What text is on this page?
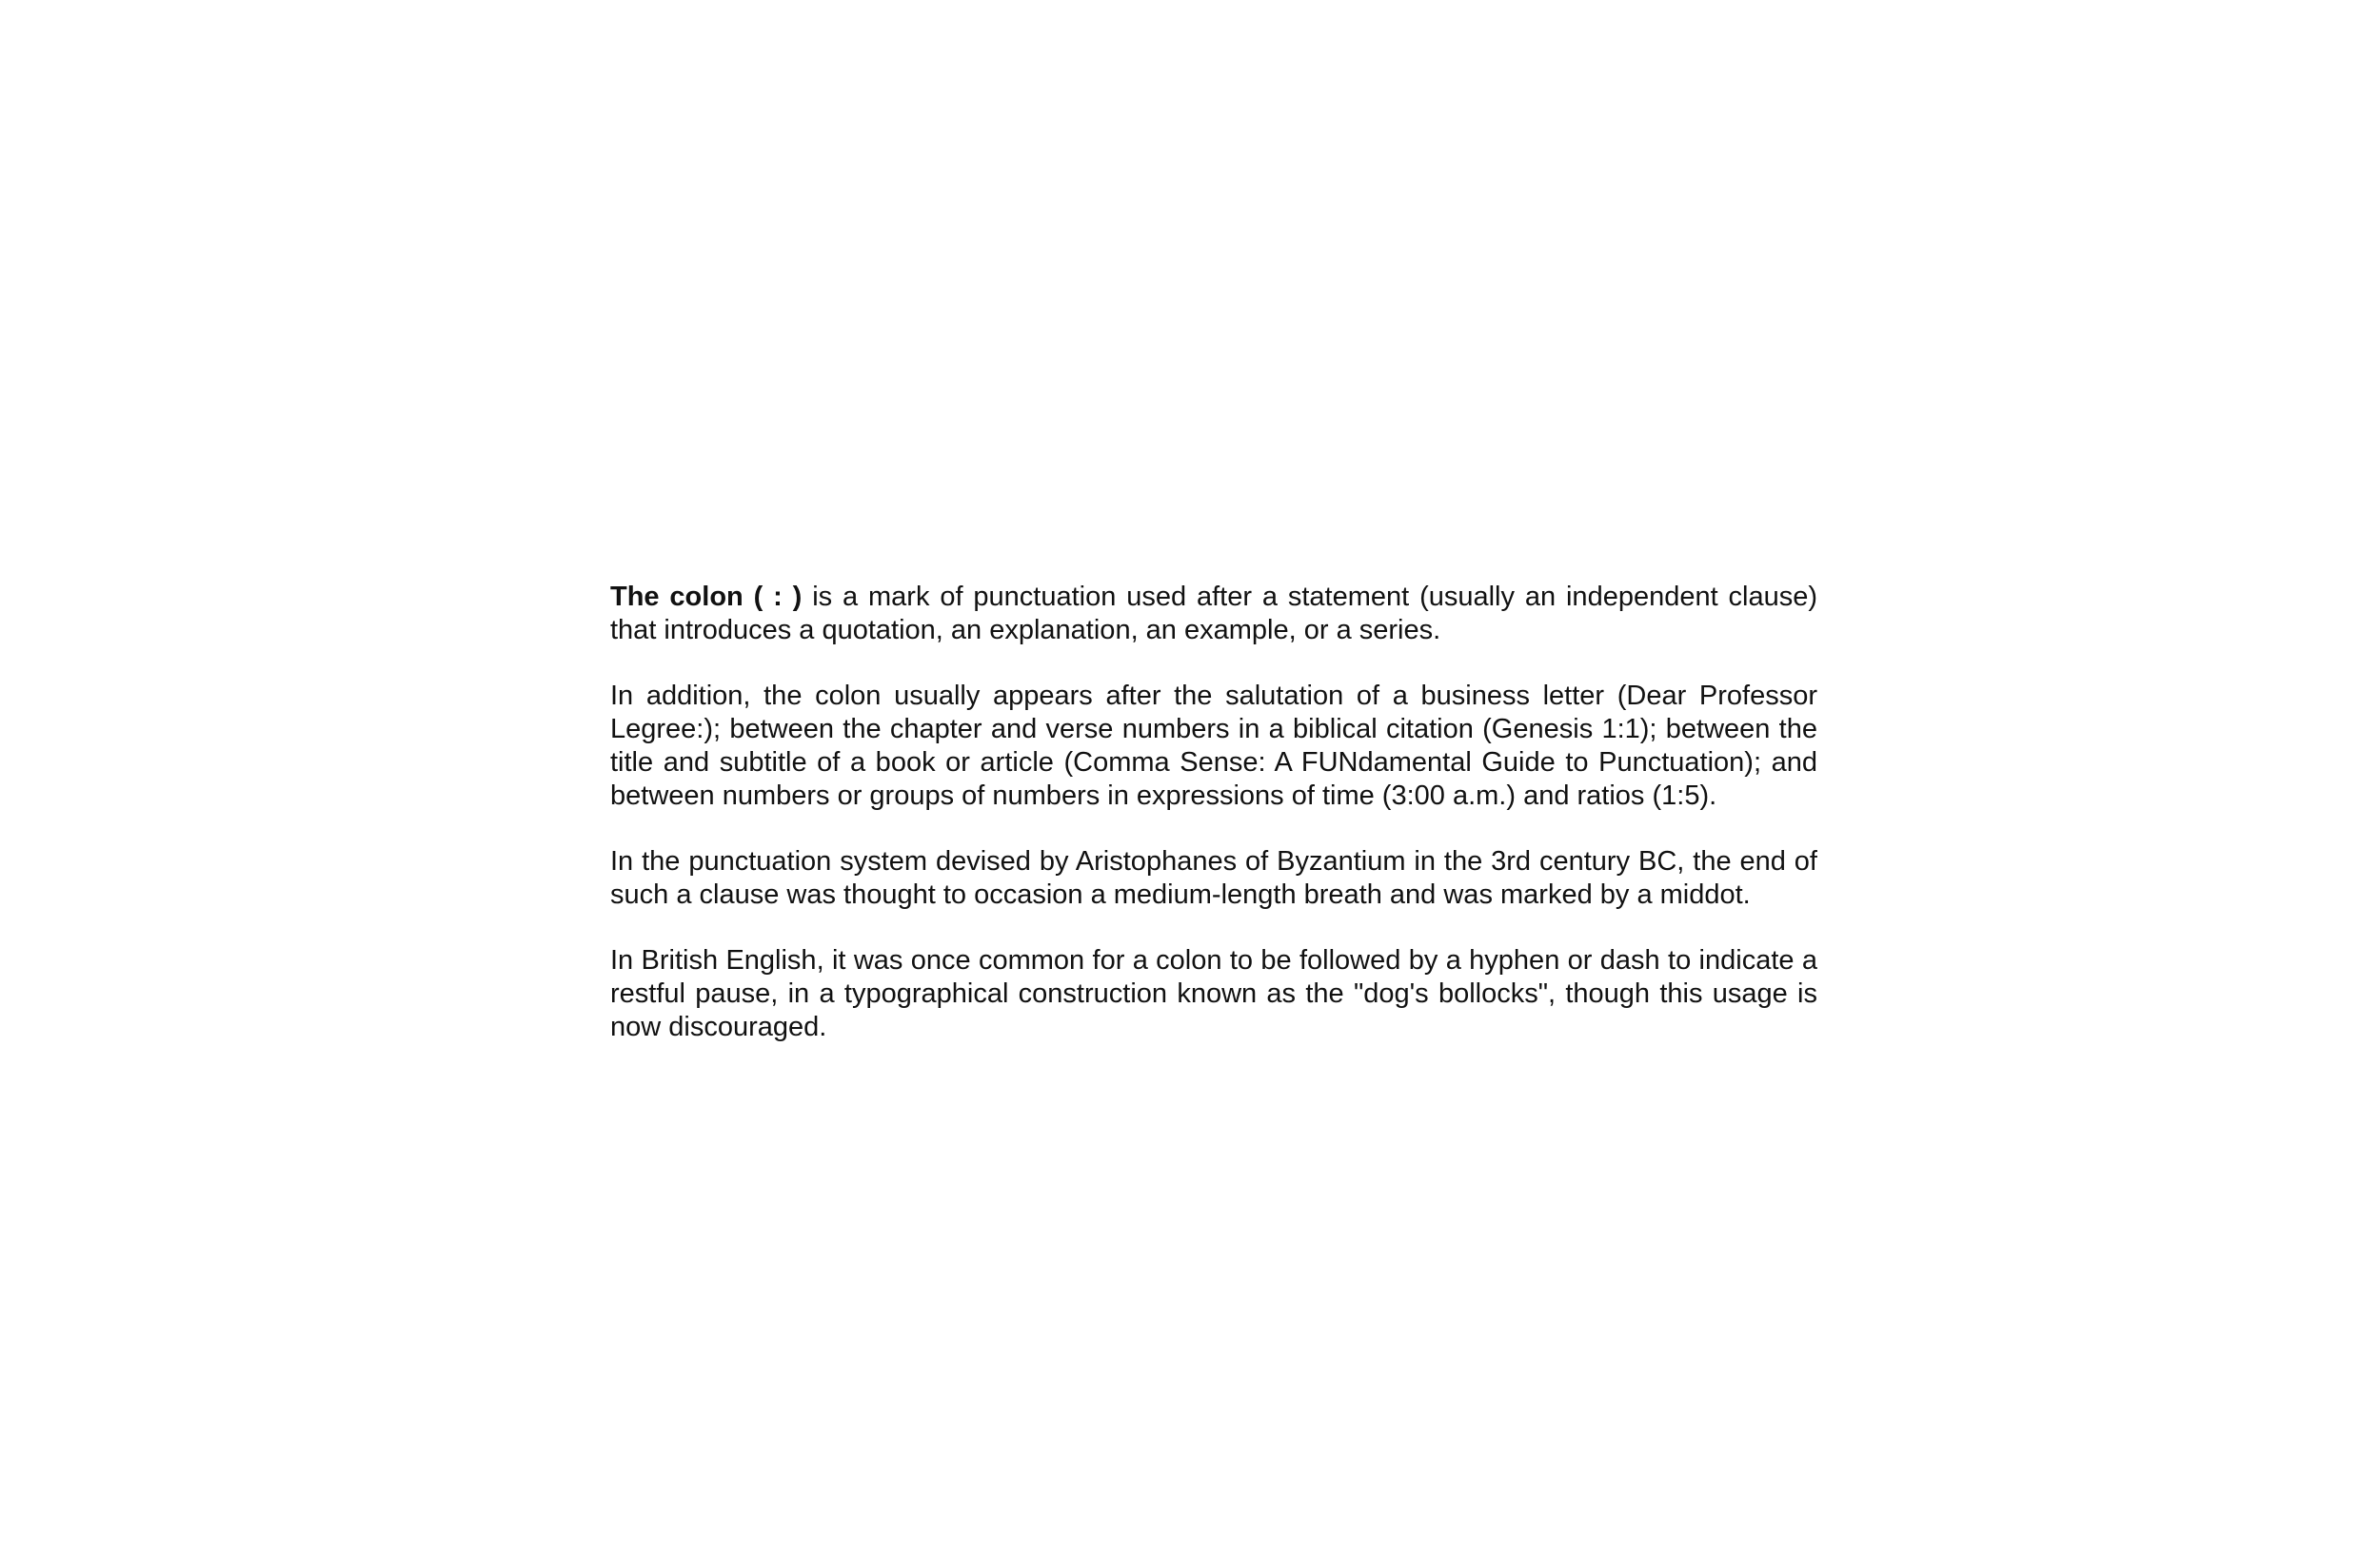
The colon ( : ) is a mark of punctuation used after a statement (usually an independent clause) that introduces a quotation, an explanation, an example, or a series.

In addition, the colon usually appears after the salutation of a business letter (Dear Professor Legree:); between the chapter and verse numbers in a biblical citation (Genesis 1:1); between the title and subtitle of a book or article (Comma Sense: A FUNdamental Guide to Punctuation); and between numbers or groups of numbers in expressions of time (3:00 a.m.) and ratios (1:5).

In the punctuation system devised by Aristophanes of Byzantium in the 3rd century BC, the end of such a clause was thought to occasion a medium-length breath and was marked by a middot.

In British English, it was once common for a colon to be followed by a hyphen or dash to indicate a restful pause, in a typographical construction known as the "dog's bollocks", though this usage is now discouraged.
